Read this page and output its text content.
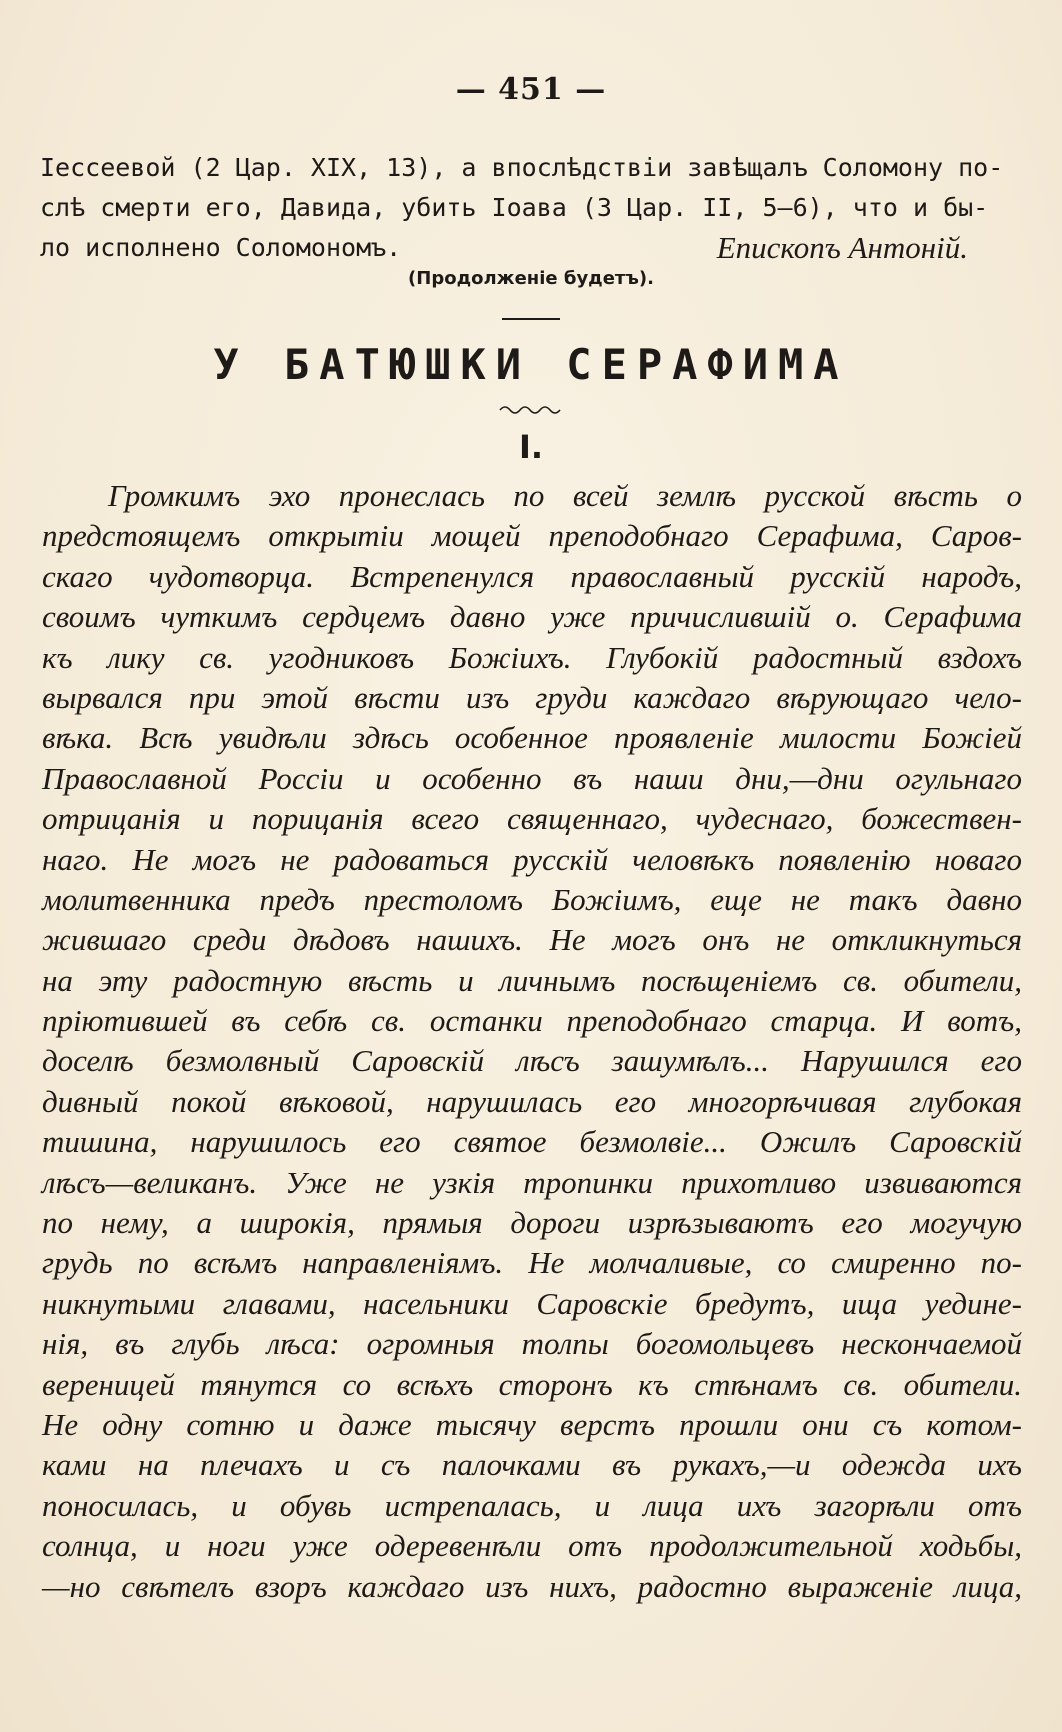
— 451 —
Іессеевой (2 Цар. XIX, 13), а впослѣдствіи завѣщалъ Соломону по-
слѣ смерти его, Давида, убить Іоава (3 Цар. II, 5—6), что и бы-
ло исполнено Соломономъ.	Епископъ Антоній.
(Продолженіе будетъ).
У БАТЮШКИ СЕРАФИМА
I.
Громкимъ эхо пронеслась по всей землѣ русской вѣсть о
предстоящемъ открытіи мощей преподобнаго Серафима, Саров-
скаго чудотворца. Встрепенулся православный русскій народъ,
своимъ чуткимъ сердцемъ давно уже причислившій о. Серафима
къ лику св. угодниковъ Божіихъ. Глубокій радостный вздохъ
вырвался при этой вѣсти изъ груди каждаго вѣрующаго чело-
вѣка. Всѣ увидѣли здѣсь особенное проявленіе милости Божіей
Православной Россіи и особенно въ наши дни,—дни огульнаго
отрицанія и порицанія всего священнаго, чудеснаго, божествен-
наго. Не могъ не радоваться русскій человѣкъ появленію новаго
молитвенника предъ престоломъ Божіимъ, еще не такъ давно
жившаго среди дѣдовъ нашихъ. Не могъ онъ не откликнуться
на эту радостную вѣсть и личнымъ посѣщеніемъ св. обители,
пріютившей въ себѣ св. останки преподобнаго старца. И вотъ,
доселѣ безмолвный Саровскій лѣсъ зашумѣлъ... Нарушился его
дивный покой вѣковой, нарушилась его многорѣчивая глубокая
тишина, нарушилось его святое безмолвіе... Ожилъ Саровскій
лѣсъ—великанъ. Уже не узкія тропинки прихотливо извиваются
по нему, а широкія, прямыя дороги изрѣзываютъ его могучую
грудь по всѣмъ направленіямъ. Не молчаливые, со смиренно по-
никнутыми главами, насельники Саровскіе бредутъ, ища уедине-
нія, въ глубь лѣса: огромныя толпы богомольцевъ нескончаемой
вереницей тянутся со всѣхъ сторонъ къ стѣнамъ св. обители.
Не одну сотню и даже тысячу верстъ прошли они съ котом-
ками на плечахъ и съ палочками въ рукахъ,—и одежда ихъ
поносилась, и обувь истрепалась, и лица ихъ загорѣли отъ
солнца, и ноги уже одеревенѣли отъ продолжительной ходьбы,
—но свѣтелъ взоръ каждаго изъ нихъ, радостно выраженіе лица,
